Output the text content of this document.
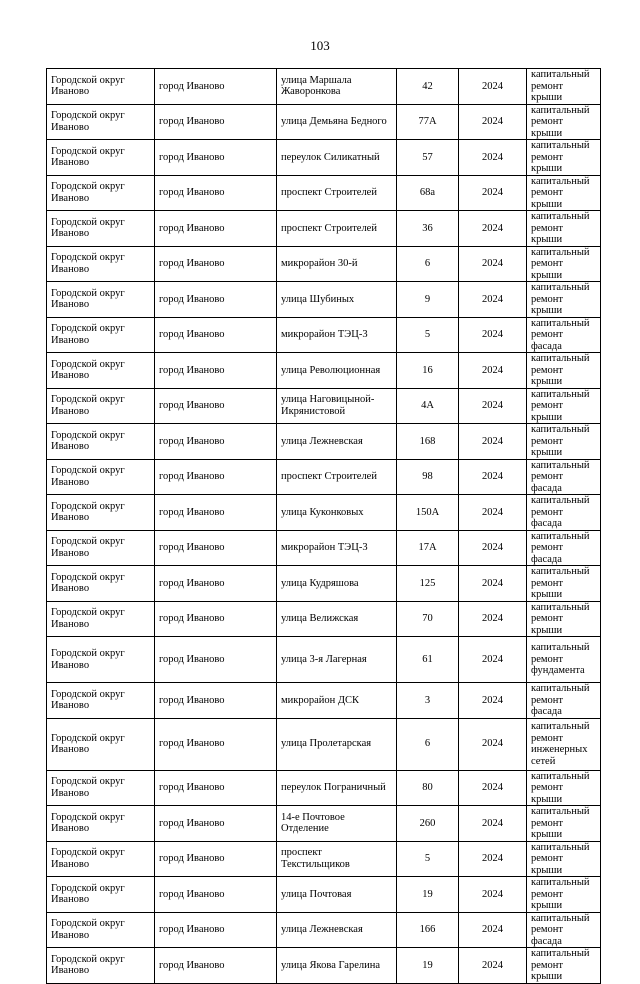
103
Городской округ Иваново	город Иваново	улица Маршала Жаворонкова	42	2024	капитальный ремонт крыши
Городской округ Иваново	город Иваново	улица Демьяна Бедного	77А	2024	капитальный ремонт крыши
Городской округ Иваново	город Иваново	переулок Силикатный	57	2024	капитальный ремонт крыши
Городской округ Иваново	город Иваново	проспект Строителей	68а	2024	капитальный ремонт крыши
Городской округ Иваново	город Иваново	проспект Строителей	36	2024	капитальный ремонт крыши
Городской округ Иваново	город Иваново	микрорайон 30-й	6	2024	капитальный ремонт крыши
Городской округ Иваново	город Иваново	улица Шубиных	9	2024	капитальный ремонт крыши
Городской округ Иваново	город Иваново	микрорайон ТЭЦ-3	5	2024	капитальный ремонт фасада
Городской округ Иваново	город Иваново	улица Революционная	16	2024	капитальный ремонт крыши
Городской округ Иваново	город Иваново	улица Наговицыной-Икрянистовой	4А	2024	капитальный ремонт крыши
Городской округ Иваново	город Иваново	улица Лежневская	168	2024	капитальный ремонт крыши
Городской округ Иваново	город Иваново	проспект Строителей	98	2024	капитальный ремонт фасада
Городской округ Иваново	город Иваново	улица Куконковых	150А	2024	капитальный ремонт фасада
Городской округ Иваново	город Иваново	микрорайон ТЭЦ-3	17А	2024	капитальный ремонт фасада
Городской округ Иваново	город Иваново	улица Кудряшова	125	2024	капитальный ремонт крыши
Городской округ Иваново	город Иваново	улица Велижская	70	2024	капитальный ремонт крыши
Городской округ Иваново	город Иваново	улица 3-я Лагерная	61	2024	капитальный ремонт фундамента
Городской округ Иваново	город Иваново	микрорайон ДСК	3	2024	капитальный ремонт фасада
Городской округ Иваново	город Иваново	улица Пролетарская	6	2024	капитальный ремонт инженерных сетей
Городской округ Иваново	город Иваново	переулок Пограничный	80	2024	капитальный ремонт крыши
Городской округ Иваново	город Иваново	14-е Почтовое Отделение	260	2024	капитальный ремонт крыши
Городской округ Иваново	город Иваново	проспект Текстильщиков	5	2024	капитальный ремонт крыши
Городской округ Иваново	город Иваново	улица Почтовая	19	2024	капитальный ремонт крыши
Городской округ Иваново	город Иваново	улица Лежневская	166	2024	капитальный ремонт фасада
Городской округ Иваново	город Иваново	улица Якова Гарелина	19	2024	капитальный ремонт крыши
